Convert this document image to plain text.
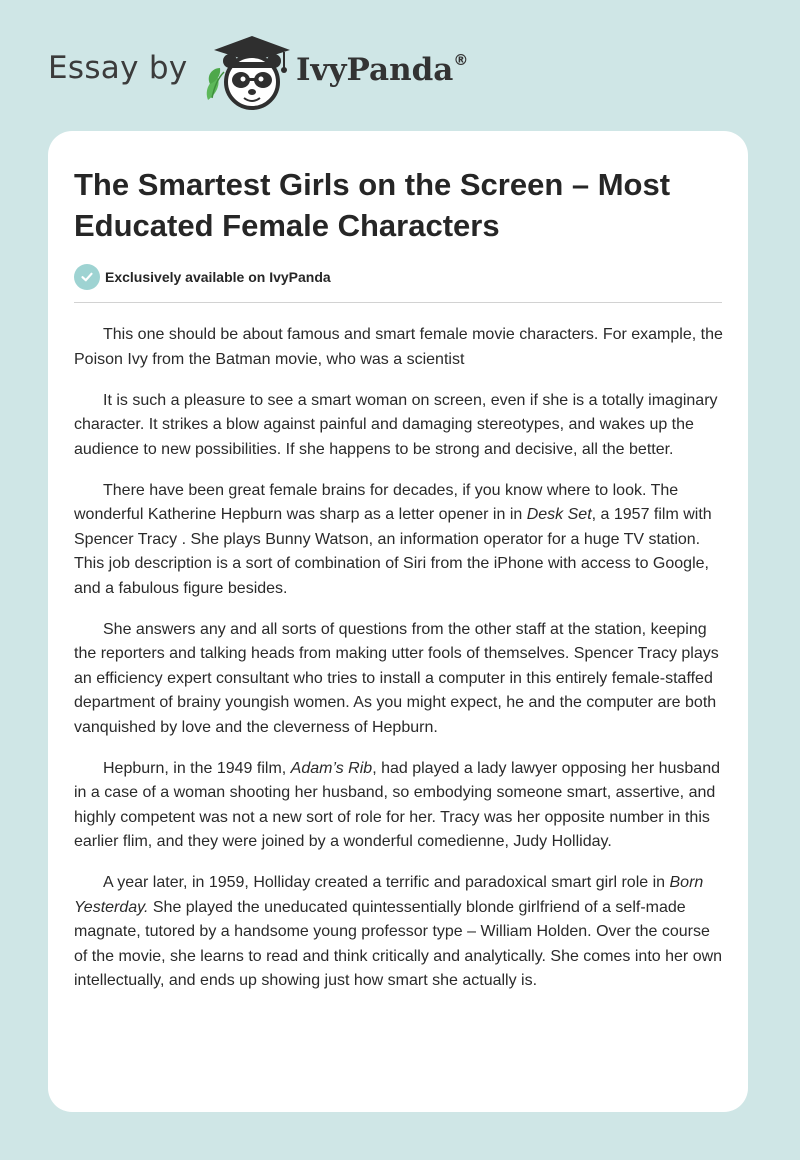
Essay by	IvyPanda®
The Smartest Girls on the Screen – Most Educated Female Characters
Exclusively available on IvyPanda

This one should be about famous and smart female movie characters. For example, the Poison Ivy from the Batman movie, who was a scientist

It is such a pleasure to see a smart woman on screen, even if she is a totally imaginary character. It strikes a blow against painful and damaging stereotypes, and wakes up the audience to new possibilities. If she happens to be strong and decisive, all the better.

There have been great female brains for decades, if you know where to look. The wonderful Katherine Hepburn was sharp as a letter opener in in Desk Set, a 1957 film with Spencer Tracy . She plays Bunny Watson, an information operator for a huge TV station. This job description is a sort of combination of Siri from the iPhone with access to Google, and a fabulous figure besides.

She answers any and all sorts of questions from the other staff at the station, keeping the reporters and talking heads from making utter fools of themselves. Spencer Tracy plays an efficiency expert consultant who tries to install a computer in this entirely female-staffed department of brainy youngish women. As you might expect, he and the computer are both vanquished by love and the cleverness of Hepburn.

Hepburn, in the 1949 film, Adam’s Rib, had played a lady lawyer opposing her husband in a case of a woman shooting her husband, so embodying someone smart, assertive, and highly competent was not a new sort of role for her. Tracy was her opposite number in this earlier flim, and they were joined by a wonderful comedienne, Judy Holliday.

A year later, in 1959, Holliday created a terrific and paradoxical smart girl role in Born Yesterday. She played the uneducated quintessentially blonde girlfriend of a self-made magnate, tutored by a handsome young professor type – William Holden. Over the course of the movie, she learns to read and think critically and analytically. She comes into her own intellectually, and ends up showing just how smart she actually is.
